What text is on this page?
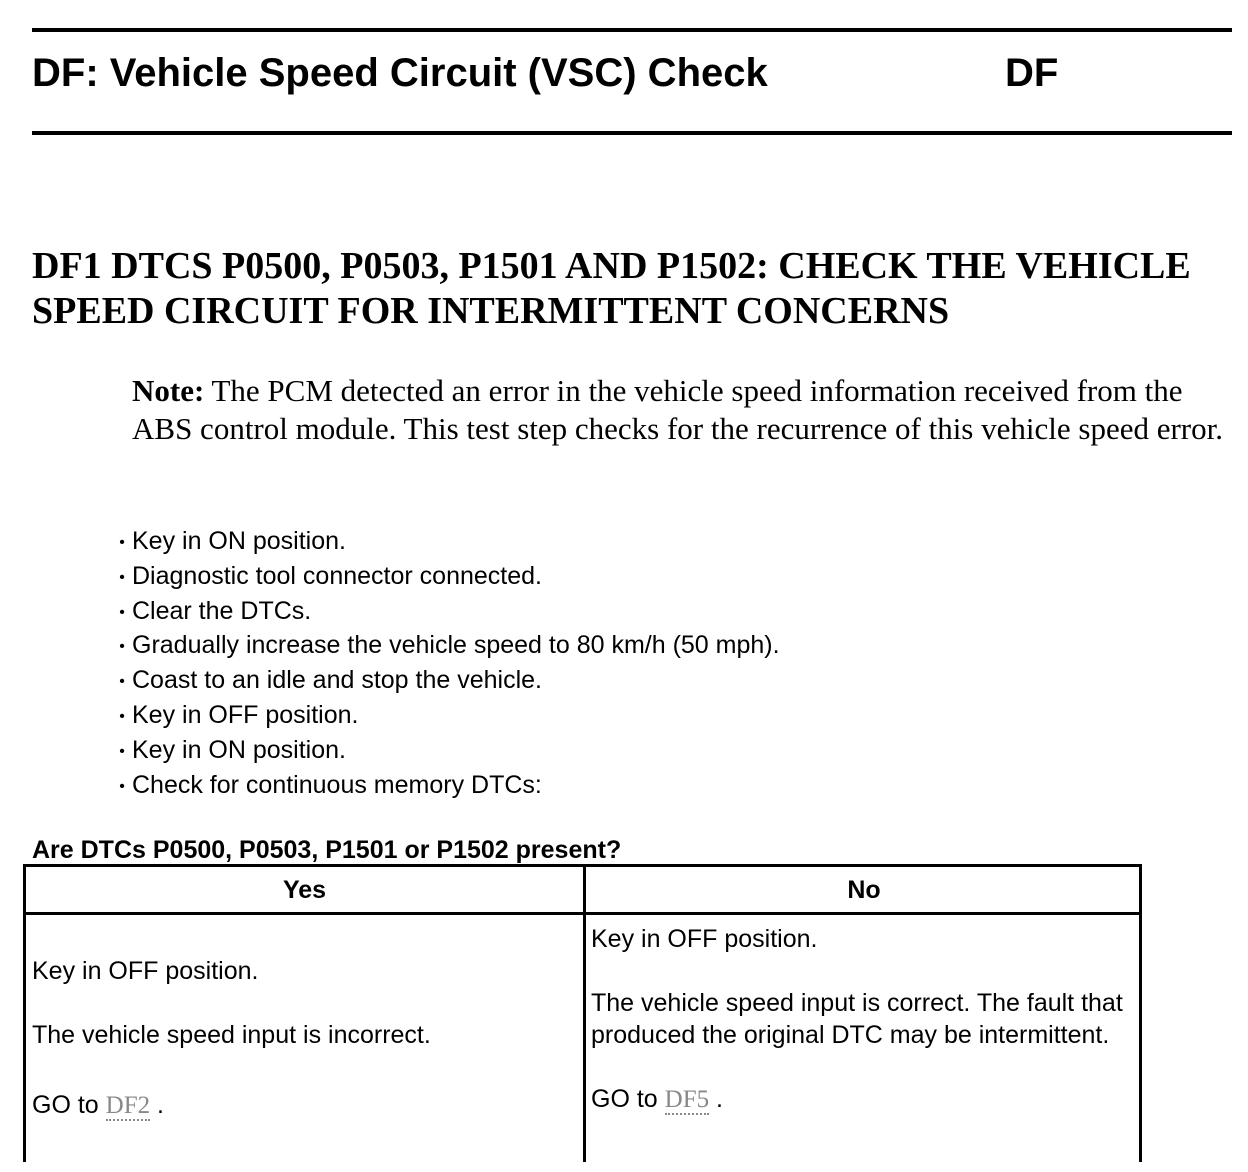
DF: Vehicle Speed Circuit (VSC) Check	DF
DF1 DTCS P0500, P0503, P1501 AND P1502: CHECK THE VEHICLE SPEED CIRCUIT FOR INTERMITTENT CONCERNS
Note: The PCM detected an error in the vehicle speed information received from the ABS control module. This test step checks for the recurrence of this vehicle speed error.
• Key in ON position.
• Diagnostic tool connector connected.
• Clear the DTCs.
• Gradually increase the vehicle speed to 80 km/h (50 mph).
• Coast to an idle and stop the vehicle.
• Key in OFF position.
• Key in ON position.
• Check for continuous memory DTCs:
Are DTCs P0500, P0503, P1501 or P1502 present?
Yes	No

Key in OFF position.

The vehicle speed input is incorrect.

GO to DF2 .

Key in OFF position.

The vehicle speed input is correct. The fault that produced the original DTC may be intermittent.

GO to DF5 .
